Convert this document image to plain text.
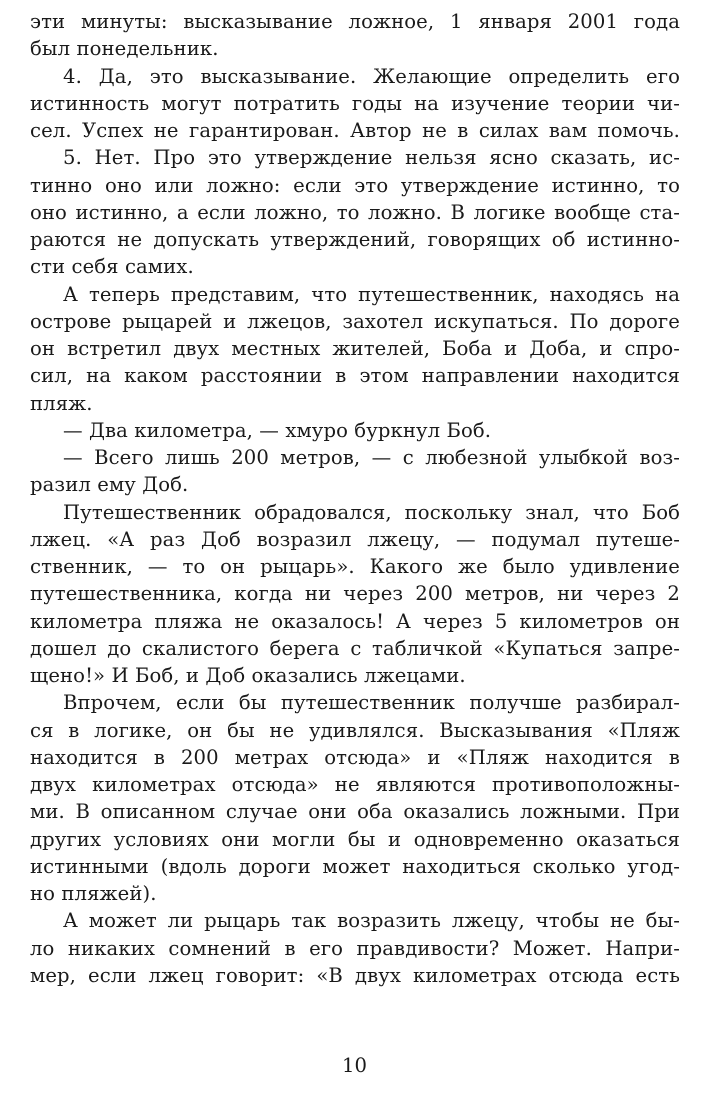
эти минуты: высказывание ложное, 1 января 2001 года
был понедельник.
4. Да, это высказывание. Желающие определить его
истинность могут потратить годы на изучение теории чи-
сел. Успех не гарантирован. Автор не в силах вам помочь.
5. Нет. Про это утверждение нельзя ясно сказать, ис-
тинно оно или ложно: если это утверждение истинно, то
оно истинно, а если ложно, то ложно. В логике вообще ста-
раются не допускать утверждений, говорящих об истинно-
сти себя самих.
А теперь представим, что путешественник, находясь на
острове рыцарей и лжецов, захотел искупаться. По дороге
он встретил двух местных жителей, Боба и Доба, и спро-
сил, на каком расстоянии в этом направлении находится
пляж.
— Два километра, — хмуро буркнул Боб.
— Всего лишь 200 метров, — с любезной улыбкой воз-
разил ему Доб.
Путешественник обрадовался, поскольку знал, что Боб
лжец. «А раз Доб возразил лжецу, — подумал путеше-
ственник, — то он рыцарь». Какого же было удивление
путешественника, когда ни через 200 метров, ни через 2
километра пляжа не оказалось! А через 5 километров он
дошел до скалистого берега с табличкой «Купаться запре-
щено!» И Боб, и Доб оказались лжецами.
Впрочем, если бы путешественник получше разбирал-
ся в логике, он бы не удивлялся. Высказывания «Пляж
находится в 200 метрах отсюда» и «Пляж находится в
двух километрах отсюда» не являются противоположны-
ми. В описанном случае они оба оказались ложными. При
других условиях они могли бы и одновременно оказаться
истинными (вдоль дороги может находиться сколько угод-
но пляжей).
А может ли рыцарь так возразить лжецу, чтобы не бы-
ло никаких сомнений в его правдивости? Может. Напри-
мер, если лжец говорит: «В двух километрах отсюда есть
10
